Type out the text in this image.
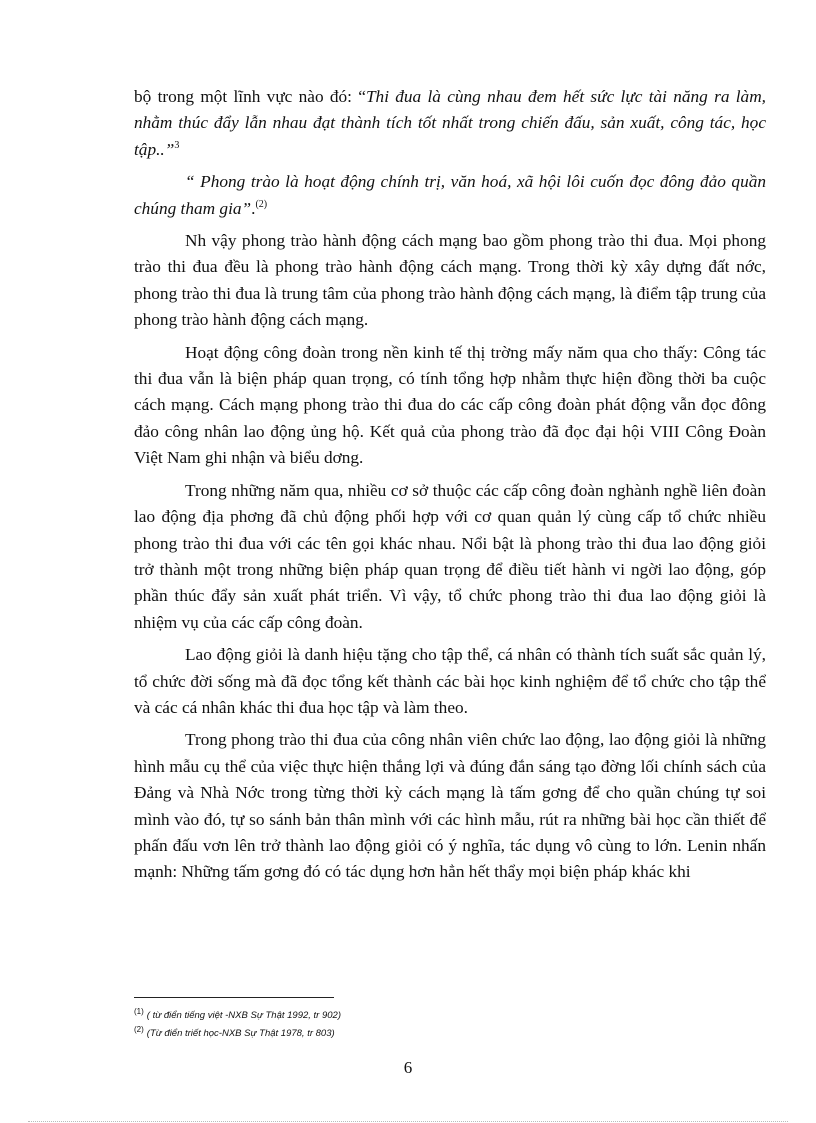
bộ trong một lĩnh vực nào đó: “Thi đua là cùng nhau đem hết sức lực tài năng ra làm, nhằm thúc đẩy lẫn nhau đạt thành tích tốt nhất trong chiến đấu, sản xuất, công tác, học tập..”$^3$

“ Phong trào là hoạt động chính trị, văn hoá, xã hội lôi cuốn đọc đông đảo quần chúng tham gia”.$^{(2)}$

Nh vậy phong trào hành động cách mạng bao gồm phong trào thi đua. Mọi phong trào thi đua đều là phong trào hành động cách mạng. Trong thời kỳ xây dựng đất nớc, phong trào thi đua là trung tâm của phong trào hành động cách mạng, là điểm tập trung của phong trào hành động cách mạng.

Hoạt động công đoàn trong nền kinh tế thị trờng mấy năm qua cho thấy: Công tác thi đua vẫn là biện pháp quan trọng, có tính tổng hợp nhằm thực hiện đồng thời ba cuộc cách mạng. Cách mạng phong trào thi đua do các cấp công đoàn phát động vẫn đọc đông đảo công nhân lao động ủng hộ. Kết quả của phong trào đã đọc đại hội VIII Công Đoàn Việt Nam ghi nhận và biểu dơng.

Trong những năm qua, nhiều cơ sở thuộc các cấp công đoàn nghành nghề liên đoàn lao động địa phơng đã chủ động phối hợp với cơ quan quản lý cùng cấp tổ chức nhiều phong trào thi đua với các tên gọi khác nhau. Nổi bật là phong trào thi đua lao động giỏi trở thành một trong những biện pháp quan trọng để điều tiết hành vi ngời lao động, góp phần thúc đẩy sản xuất phát triển. Vì vậy, tổ chức phong trào thi đua lao động giỏi là nhiệm vụ của các cấp công đoàn.

Lao động giỏi là danh hiệu tặng cho tập thể, cá nhân có thành tích suất sắc quản lý, tổ chức đời sống mà đã đọc tổng kết thành các bài học kinh nghiệm để tổ chức cho tập thể và các cá nhân khác thi đua học tập và làm theo.

Trong phong trào thi đua của công nhân viên chức lao động, lao động giỏi là những hình mẫu cụ thể của việc thực hiện thắng lợi và đúng đắn sáng tạo đờng lối chính sách của Đảng và Nhà Nớc trong từng thời kỳ cách mạng là tấm gơng để cho quần chúng tự soi mình vào đó, tự so sánh bản thân mình với các hình mẫu, rút ra những bài học cần thiết để phấn đấu vơn lên trở thành lao động giỏi có ý nghĩa, tác dụng vô cùng to lớn. Lenin nhấn mạnh: Những tấm gơng đó có tác dụng hơn hẳn hết thẩy mọi biện pháp khác khi

$^{(1)}$ ( từ điển tiếng việt -NXB Sự Thật 1992, tr 902)
$^{(2)}$ (Từ điển triết học-NXB Sự Thật 1978, tr 803)
6
